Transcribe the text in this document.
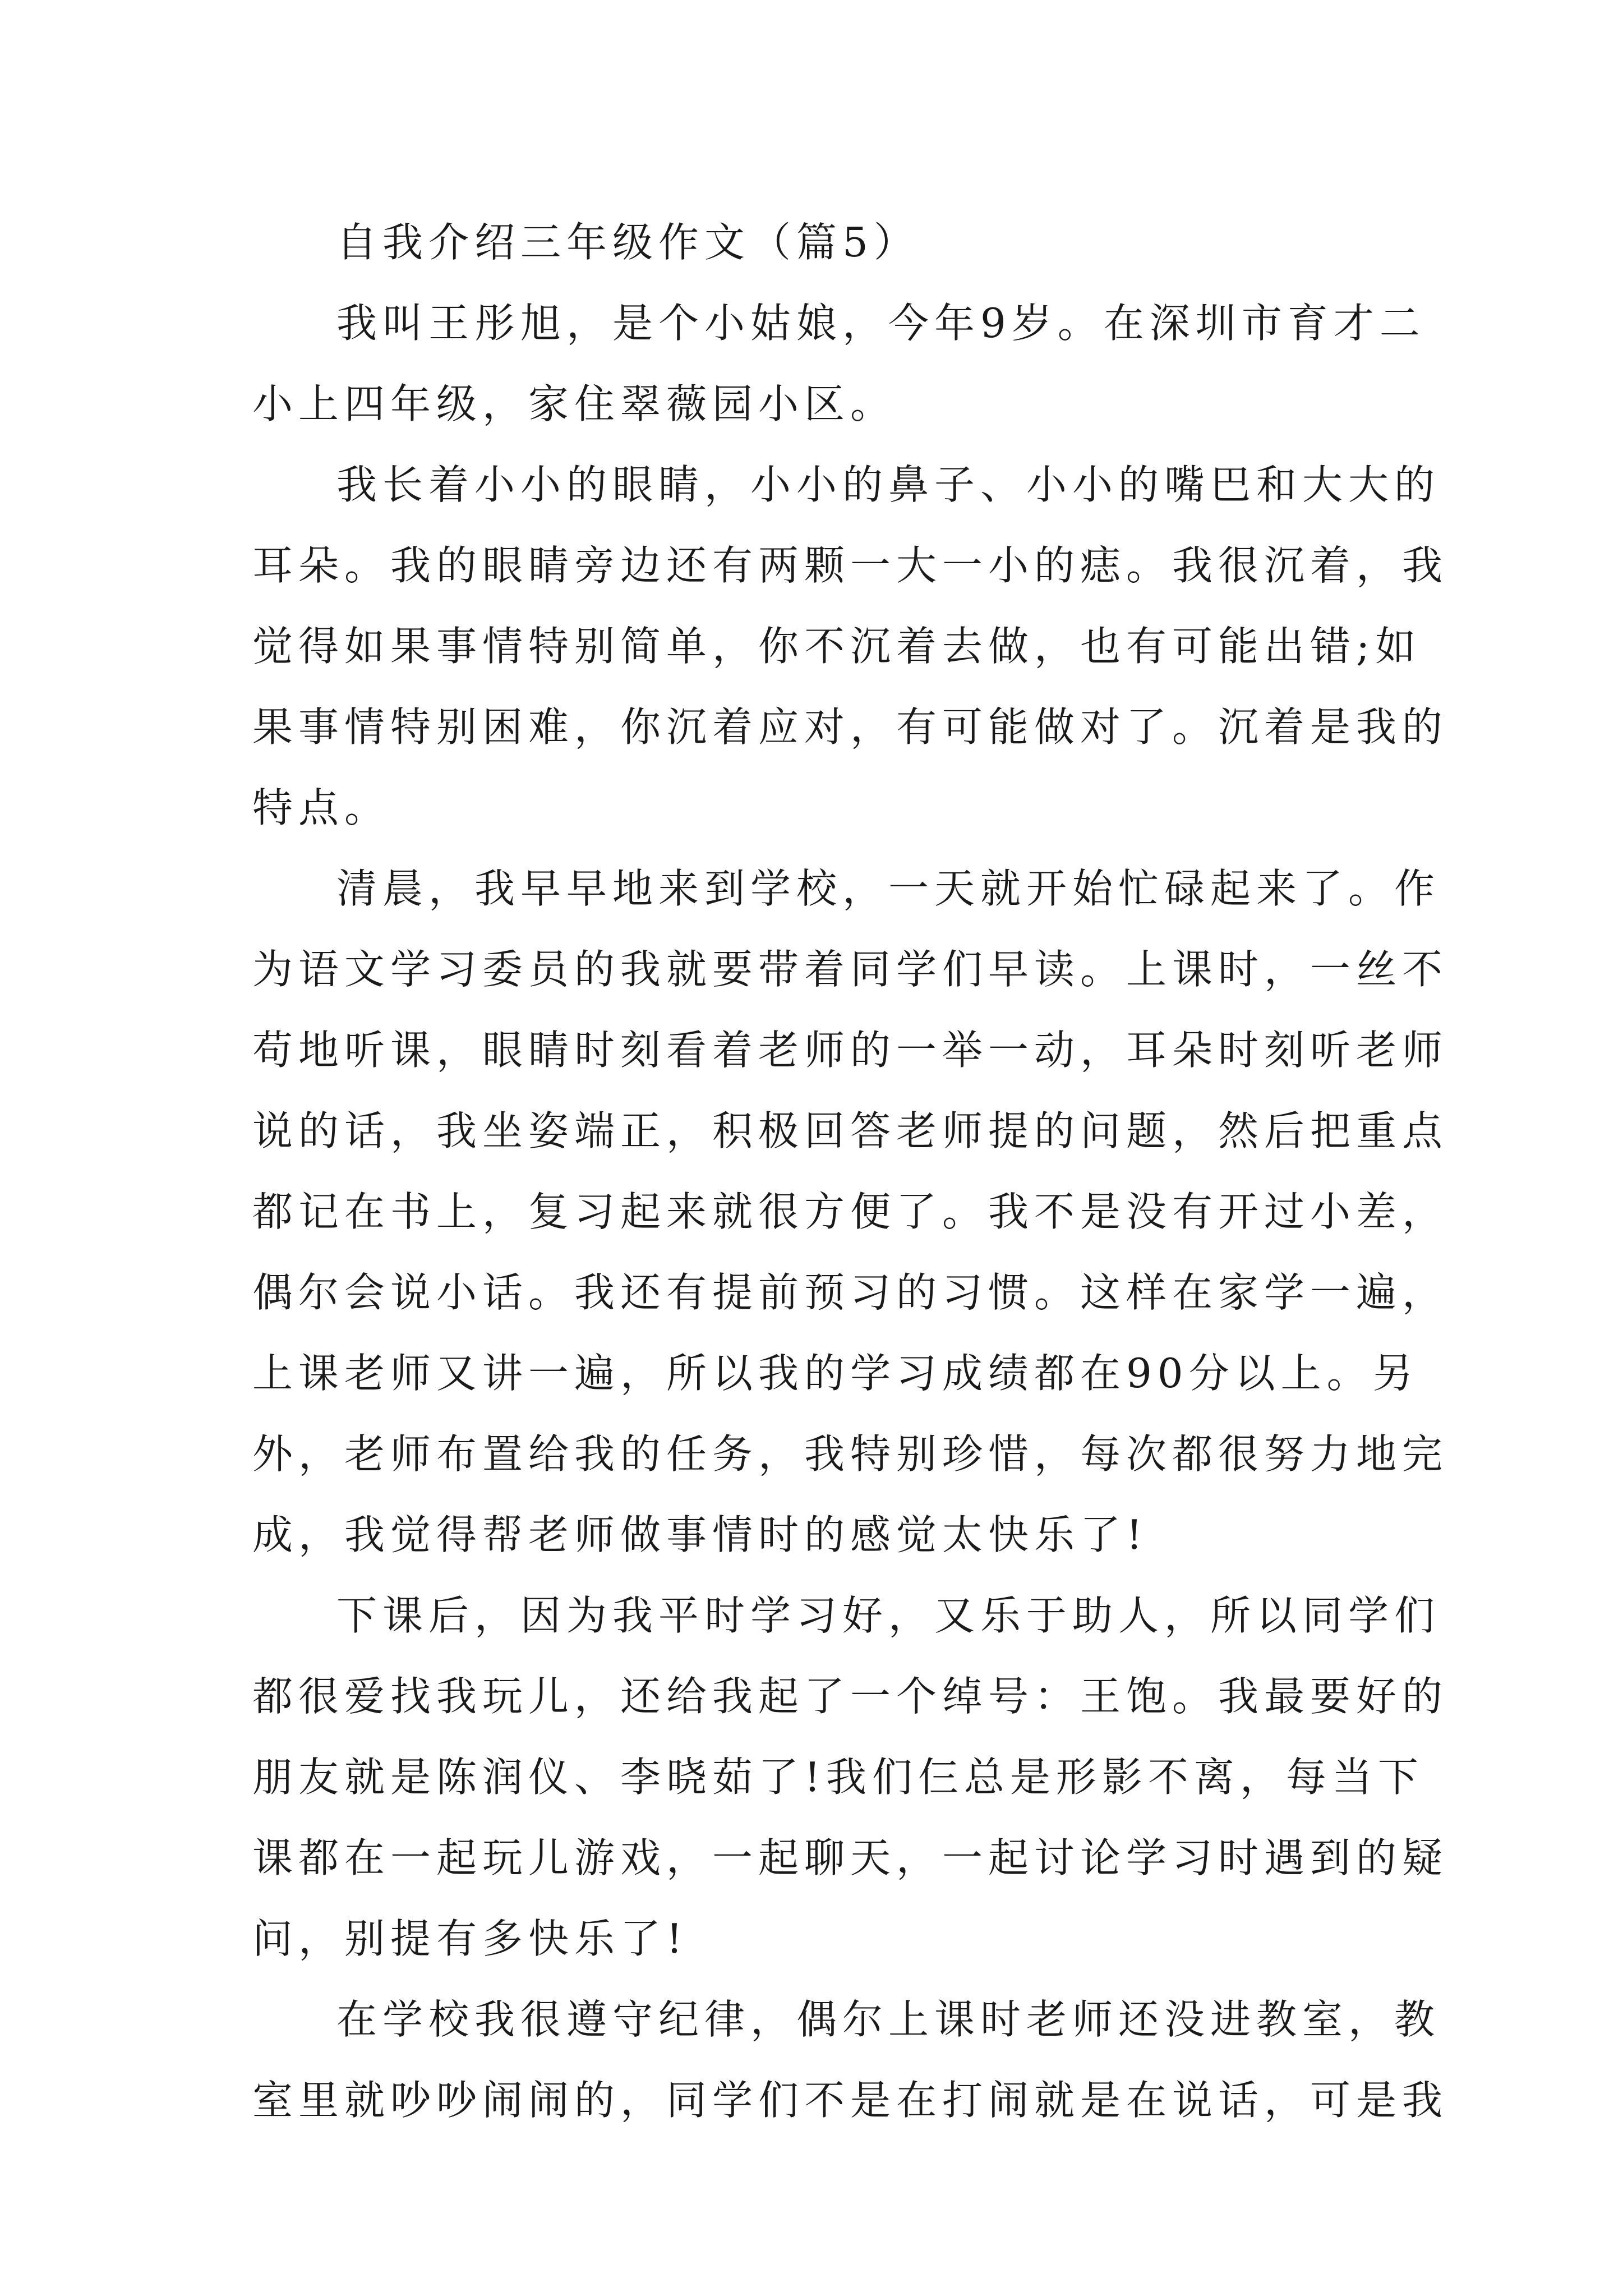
自我介绍三年级作文（篇5）
我叫王彤旭，是个小姑娘，今年9岁。在深圳市育才二
小上四年级，家住翠薇园小区。
我长着小小的眼睛，小小的鼻子、小小的嘴巴和大大的
耳朵。我的眼睛旁边还有两颗一大一小的痣。我很沉着，我
觉得如果事情特别简单，你不沉着去做，也有可能出错;如
果事情特别困难，你沉着应对，有可能做对了。沉着是我的
特点。
清晨，我早早地来到学校，一天就开始忙碌起来了。作
为语文学习委员的我就要带着同学们早读。上课时，一丝不
苟地听课，眼睛时刻看着老师的一举一动，耳朵时刻听老师
说的话，我坐姿端正，积极回答老师提的问题，然后把重点
都记在书上，复习起来就很方便了。我不是没有开过小差，
偶尔会说小话。我还有提前预习的习惯。这样在家学一遍，
上课老师又讲一遍，所以我的学习成绩都在90分以上。另
外，老师布置给我的任务，我特别珍惜，每次都很努力地完
成，我觉得帮老师做事情时的感觉太快乐了!
下课后，因为我平时学习好，又乐于助人，所以同学们
都很爱找我玩儿，还给我起了一个绰号：王饱。我最要好的
朋友就是陈润仪、李晓茹了!我们仨总是形影不离，每当下
课都在一起玩儿游戏，一起聊天，一起讨论学习时遇到的疑
问，别提有多快乐了!
在学校我很遵守纪律，偶尔上课时老师还没进教室，教
室里就吵吵闹闹的，同学们不是在打闹就是在说话，可是我
